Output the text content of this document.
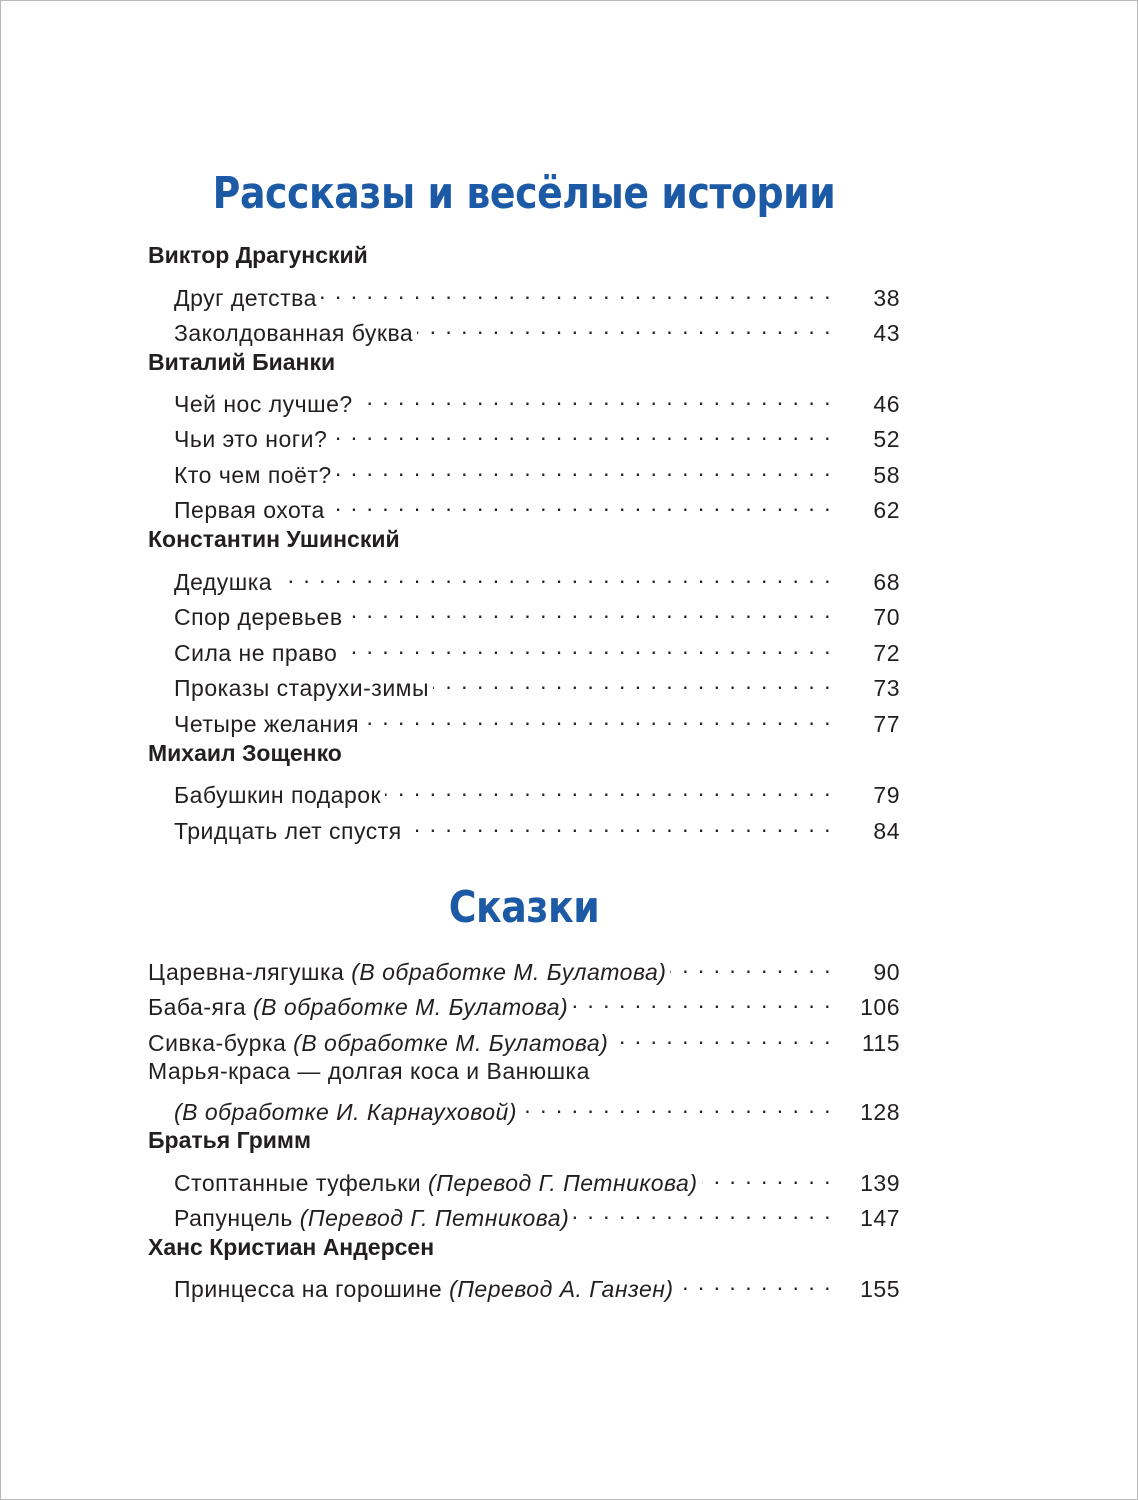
Рассказы и весёлые истории
Виктор Драгунский
Друг детства . . .	38
Заколдованная буква . . .	43
Виталий Бианки
Чей нос лучше? . . .	46
Чьи это ноги? . . .	52
Кто чем поёт? . . .	58
Первая охота . . .	62
Константин Ушинский
Дедушка . . .	68
Спор деревьев . . .	70
Сила не право . . .	72
Проказы старухи-зимы . . .	73
Четыре желания . . .	77
Михаил Зощенко
Бабушкин подарок . . .	79
Тридцать лет спустя . . .	84
Сказки
Царевна-лягушка (В обработке М. Булатова) . . .	90
Баба-яга (В обработке М. Булатова) . . .	106
Сивка-бурка (В обработке М. Булатова) . . .	115
Марья-краса — долгая коса и Ванюшка
(В обработке И. Карнауховой) . . .	128
Братья Гримм
Стоптанные туфельки (Перевод Г. Петникова) . . .	139
Рапунцель (Перевод Г. Петникова) . . .	147
Ханс Кристиан Андерсен
Принцесса на горошине (Перевод А. Ганзен) . . .	155
